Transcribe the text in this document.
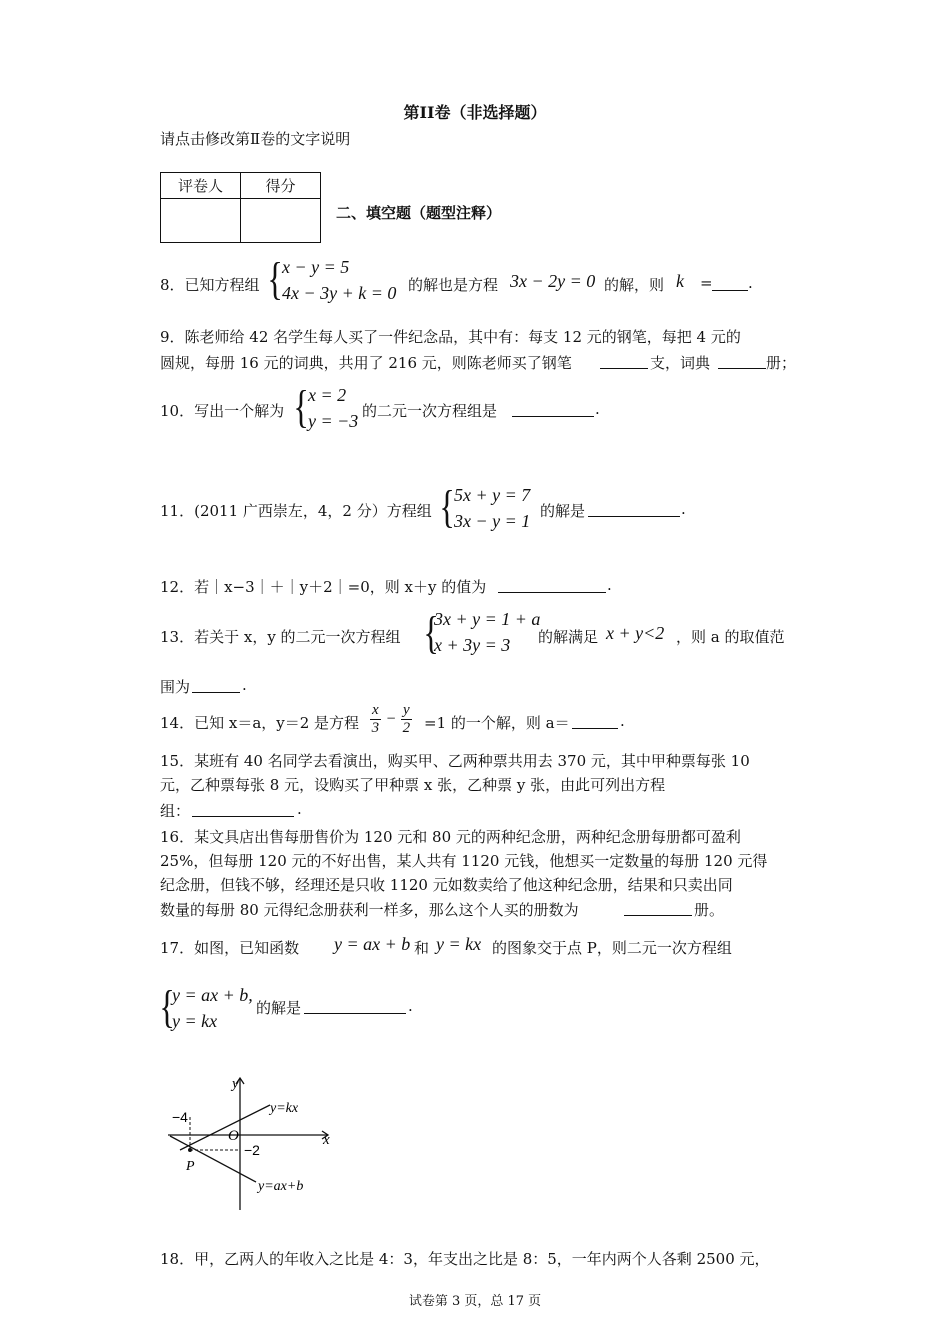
第II卷（非选择题）
请点击修改第Ⅱ卷的文字说明
评卷人	得分

二、填空题（题型注释）
8．已知方程组 { x − y = 5
4x − 3y + k = 0 的解也是方程 3x − 2y = 0 的解，则 k = .
9．陈老师给 42 名学生每人买了一件纪念品，其中有：每支 12 元的钢笔，每把 4 元的
圆规，每册 16 元的词典，共用了 216 元，则陈老师买了钢笔	支，词典	册；
10．写出一个解为 { x = 2
y = −3 的二元一次方程组是	.
11．(2011 广西崇左，4，2 分）方程组 { 5x + y = 7
3x − y = 1 的解是	.
12．若｜x−3｜＋｜y＋2｜=0，则 x＋y 的值为	.
13．若关于 x，y 的二元一次方程组 {
3x + y = 1 + a
x + 3y = 3	的解满足 x + y<2 ，则 a 的取值范
围为	.
14．已知 x＝a，y＝2 是方程 $\frac{x}{3} - \frac{y}{2} =1$ 的一个解，则 a＝	.
15．某班有 40 名同学去看演出，购买甲、乙两种票共用去 370 元，其中甲种票每张 10
元，乙种票每张 8 元，设购买了甲种票 x 张，乙种票 y 张，由此可列出方程
组：	.
16．某文具店出售每册售价为 120 元和 80 元的两种纪念册，两种纪念册每册都可盈利
25%，但每册 120 元的不好出售，某人共有 1120 元钱，他想买一定数量的每册 120 元得
纪念册，但钱不够，经理还是只收 1120 元如数卖给了他这种纪念册，结果和只卖出同
数量的每册 80 元得纪念册获利一样多，那么这个人买的册数为	册。
17．如图，已知函数 y = ax + b 和 y = kx 的图象交于点 P，则二元一次方程组
{
y = ax + b,
y = kx
的解是	.
y
x
O
−4
−2
P
y=kx
y=ax+b
18．甲，乙两人的年收入之比是 4：3，年支出之比是 8：5，一年内两个人各剩 2500 元，
试卷第 3 页，总 17 页
